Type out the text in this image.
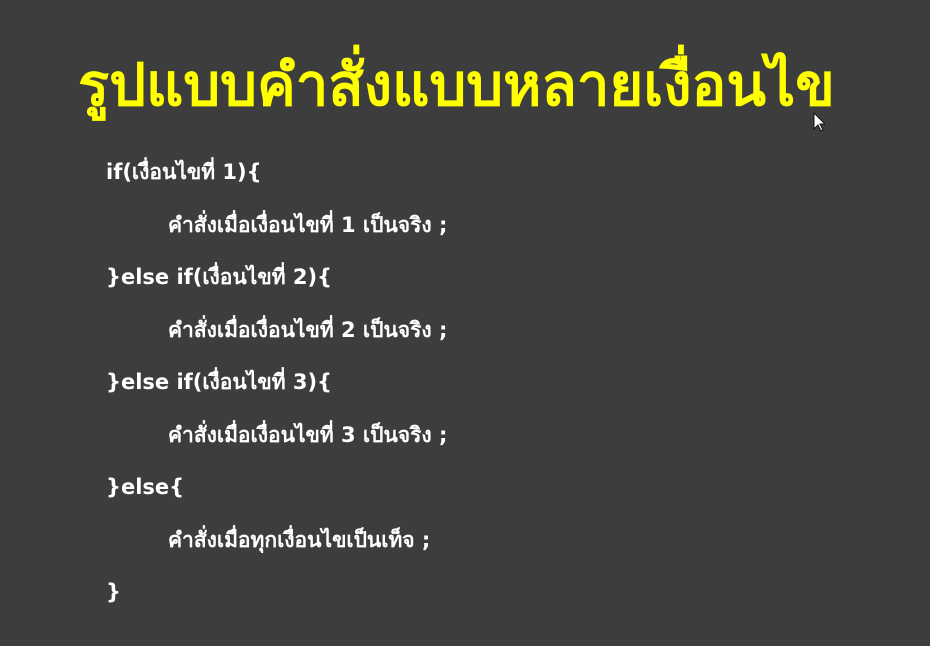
รูปแบบคำสั่งแบบหลายเงื่อนไข
if(เงื่อนไขที่ 1){
คำสั่งเมื่อเงื่อนไขที่ 1 เป็นจริง ;
}else if(เงื่อนไขที่ 2){
คำสั่งเมื่อเงื่อนไขที่ 2 เป็นจริง ;
}else if(เงื่อนไขที่ 3){
คำสั่งเมื่อเงื่อนไขที่ 3 เป็นจริง ;
}else{
คำสั่งเมื่อทุกเงื่อนไขเป็นเท็จ ;
}
